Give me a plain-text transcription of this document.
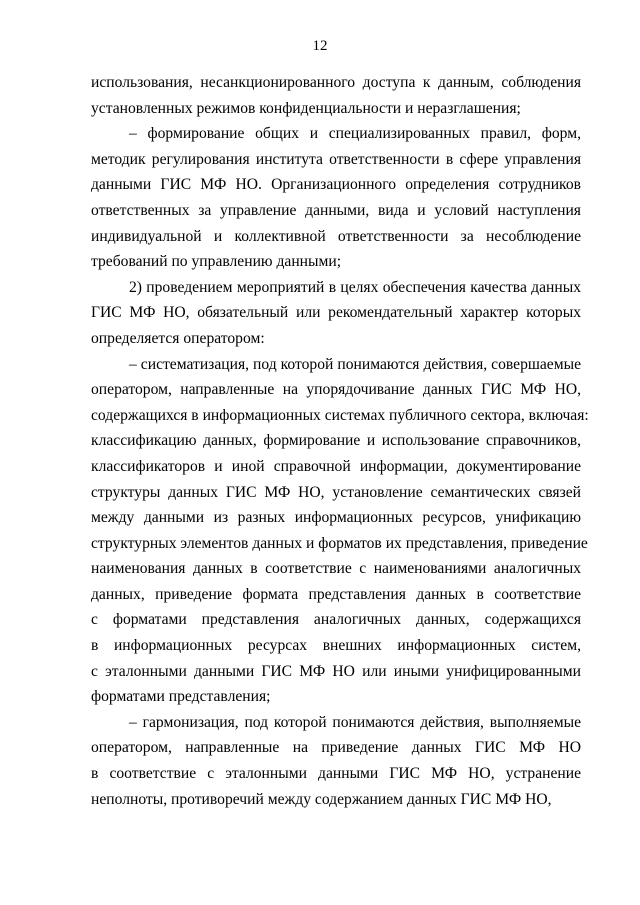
12
использования, несанкционированного доступа к данным, соблюдения
установленных режимов конфиденциальности и неразглашения;
– формирование общих и специализированных правил, форм,
методик регулирования института ответственности в сфере управления
данными ГИС МФ НО. Организационного определения сотрудников
ответственных за управление данными, вида и условий наступления
индивидуальной и коллективной ответственности за несоблюдение
требований по управлению данными;
2) проведением мероприятий в целях обеспечения качества данных
ГИС МФ НО, обязательный или рекомендательный характер которых
определяется оператором:
– систематизация, под которой понимаются действия, совершаемые
оператором, направленные на упорядочивание данных ГИС МФ НО,
содержащихся в информационных системах публичного сектора, включая:
классификацию данных, формирование и использование справочников,
классификаторов и иной справочной информации, документирование
структуры данных ГИС МФ НО, установление семантических связей
между данными из разных информационных ресурсов, унификацию
структурных элементов данных и форматов их представления, приведение
наименования данных в соответствие с наименованиями аналогичных
данных, приведение формата представления данных в соответствие
с форматами представления аналогичных данных, содержащихся
в информационных ресурсах внешних информационных систем,
с эталонными данными ГИС МФ НО или иными унифицированными
форматами представления;
– гармонизация, под которой понимаются действия, выполняемые
оператором, направленные на приведение данных ГИС МФ НО
в соответствие с эталонными данными ГИС МФ НО, устранение
неполноты, противоречий между содержанием данных ГИС МФ НО,
